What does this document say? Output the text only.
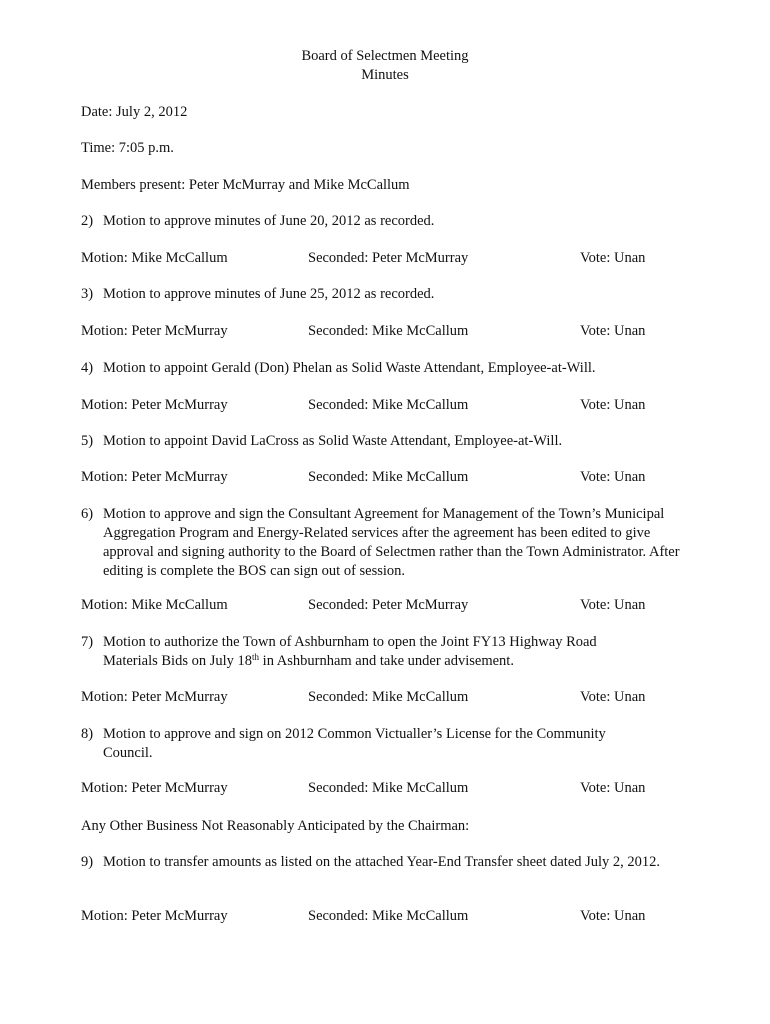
Board of Selectmen Meeting
Minutes
Date: July 2, 2012
Time: 7:05 p.m.
Members present: Peter McMurray and Mike McCallum
2) Motion to approve minutes of June 20, 2012 as recorded.
Motion: Mike McCallum	Seconded: Peter McMurray	Vote: Unan
3) Motion to approve minutes of June 25, 2012 as recorded.
Motion: Peter McMurray	Seconded: Mike McCallum	Vote: Unan
4) Motion to appoint Gerald (Don) Phelan as Solid Waste Attendant, Employee-at-Will.
Motion: Peter McMurray	Seconded: Mike McCallum	Vote: Unan
5) Motion to appoint David LaCross as Solid Waste Attendant, Employee-at-Will.
Motion: Peter McMurray	Seconded: Mike McCallum	Vote: Unan
6) Motion to approve and sign the Consultant Agreement for Management of the Town’s Municipal Aggregation Program and Energy-Related services after the agreement has been edited to give approval and signing authority to the Board of Selectmen rather than the Town Administrator. After editing is complete the BOS can sign out of session.
Motion: Mike McCallum	Seconded: Peter McMurray	Vote: Unan
7) Motion to authorize the Town of Ashburnham to open the Joint FY13 Highway Road Materials Bids on July 18th in Ashburnham and take under advisement.
Motion: Peter McMurray	Seconded: Mike McCallum	Vote: Unan
8) Motion to approve and sign on 2012 Common Victualler’s License for the Community Council.
Motion: Peter McMurray	Seconded: Mike McCallum	Vote: Unan
Any Other Business Not Reasonably Anticipated by the Chairman:
9) Motion to transfer amounts as listed on the attached Year-End Transfer sheet dated July 2, 2012.
Motion: Peter McMurray	Seconded: Mike McCallum	Vote: Unan
